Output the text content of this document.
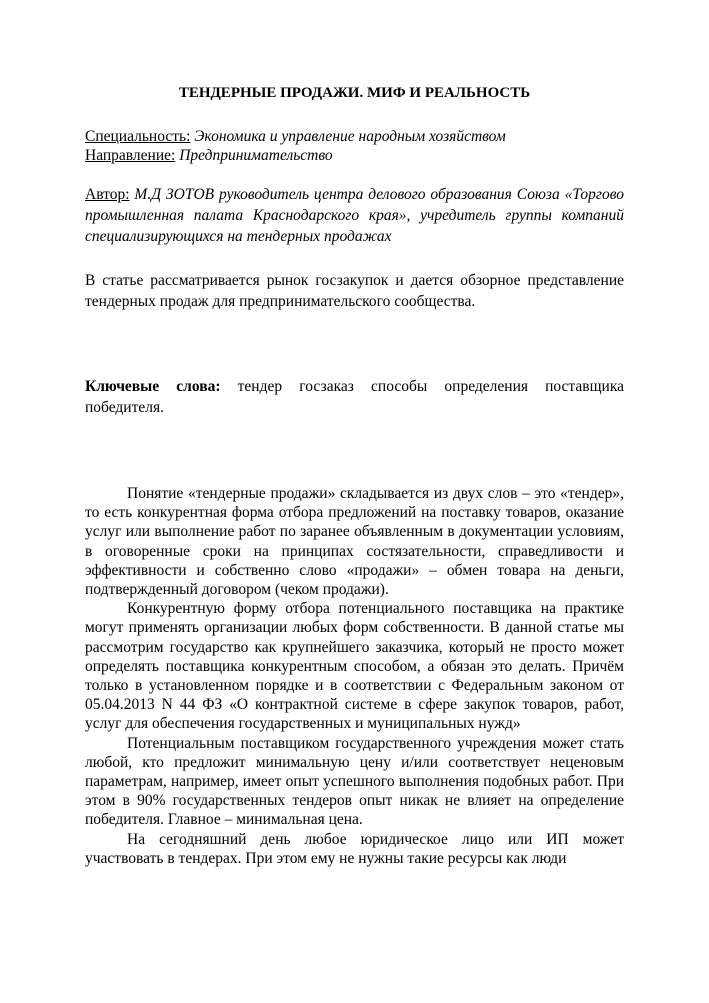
ТЕНДЕРНЫЕ ПРОДАЖИ. МИФ И РЕАЛЬНОСТЬ
Специальность: Экономика и управление народным хозяйством
Направление: Предпринимательство
Автор: М.Д ЗОТОВ руководитель центра делового образования Союза «Торгово промышленная палата Краснодарского края», учредитель группы компаний специализирующихся на тендерных продажах
В статье рассматривается рынок госзакупок и дается обзорное представление тендерных продаж для предпринимательского сообщества.
Ключевые слова: тендер госзаказ способы определения поставщика победителя.

Понятие «тендерные продажи» складывается из двух слов – это «тендер», то есть конкурентная форма отбора предложений на поставку товаров, оказание услуг или выполнение работ по заранее объявленным в документации условиям, в оговоренные сроки на принципах состязательности, справедливости и эффективности и собственно слово «продажи» – обмен товара на деньги, подтвержденный договором (чеком продажи).

Конкурентную форму отбора потенциального поставщика на практике могут применять организации любых форм собственности. В данной статье мы рассмотрим государство как крупнейшего заказчика, который не просто может определять поставщика конкурентным способом, а обязан это делать. Причём только в установленном порядке и в соответствии с Федеральным законом от 05.04.2013 N 44 ФЗ «О контрактной системе в сфере закупок товаров, работ, услуг для обеспечения государственных и муниципальных нужд»

Потенциальным поставщиком государственного учреждения может стать любой, кто предложит минимальную цену и/или соответствует неценовым параметрам, например, имеет опыт успешного выполнения подобных работ. При этом в 90% государственных тендеров опыт никак не влияет на определение победителя. Главное – минимальная цена.

На сегодняшний день любое юридическое лицо или ИП может участвовать в тендерах. При этом ему не нужны такие ресурсы как люди
